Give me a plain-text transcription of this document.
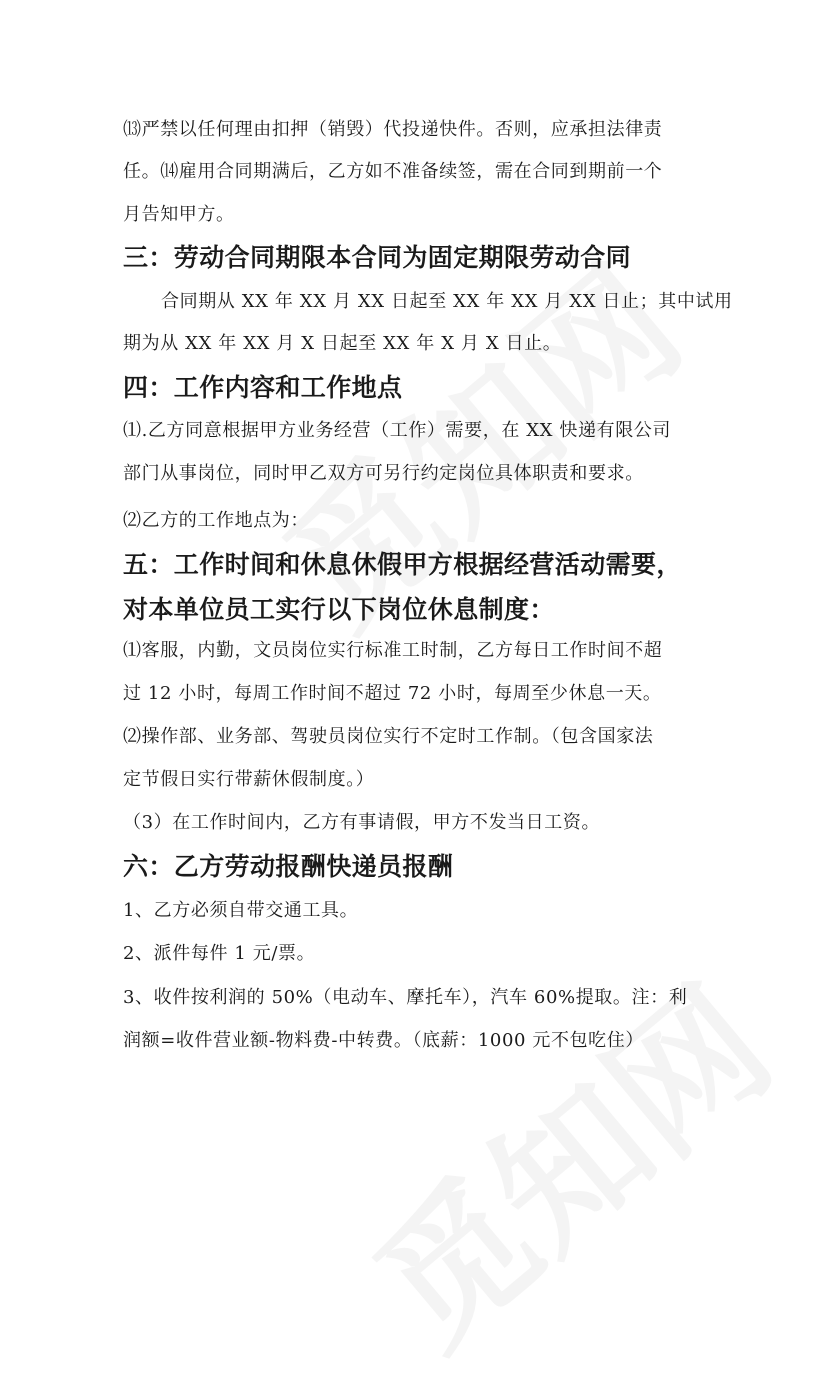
⒀严禁以任何理由扣押（销毁）代投递快件。否则，应承担法律责
任。⒁雇用合同期满后，乙方如不准备续签，需在合同到期前一个
月告知甲方。
三：劳动合同期限本合同为固定期限劳动合同
合同期从 XX 年 XX 月 XX 日起至 XX 年 XX 月 XX 日止；其中试用
期为从 XX 年 XX 月 X 日起至 XX 年 X 月 X 日止。
四：工作内容和工作地点
⑴.乙方同意根据甲方业务经营（工作）需要，在 XX 快递有限公司
部门从事岗位，同时甲乙双方可另行约定岗位具体职责和要求。
⑵乙方的工作地点为：
五：工作时间和休息休假甲方根据经营活动需要，
对本单位员工实行以下岗位休息制度：
⑴客服，内勤，文员岗位实行标准工时制，乙方每日工作时间不超
过 12 小时，每周工作时间不超过 72 小时，每周至少休息一天。
⑵操作部、业务部、驾驶员岗位实行不定时工作制。（包含国家法
定节假日实行带薪休假制度。）
（3）在工作时间内，乙方有事请假，甲方不发当日工资。
六：乙方劳动报酬快递员报酬
1、乙方必须自带交通工具。
2、派件每件 1 元/票。
3、收件按利润的 50%（电动车、摩托车），汽车 60%提取。注：利
润额=收件营业额-物料费-中转费。（底薪：1000 元不包吃住）
